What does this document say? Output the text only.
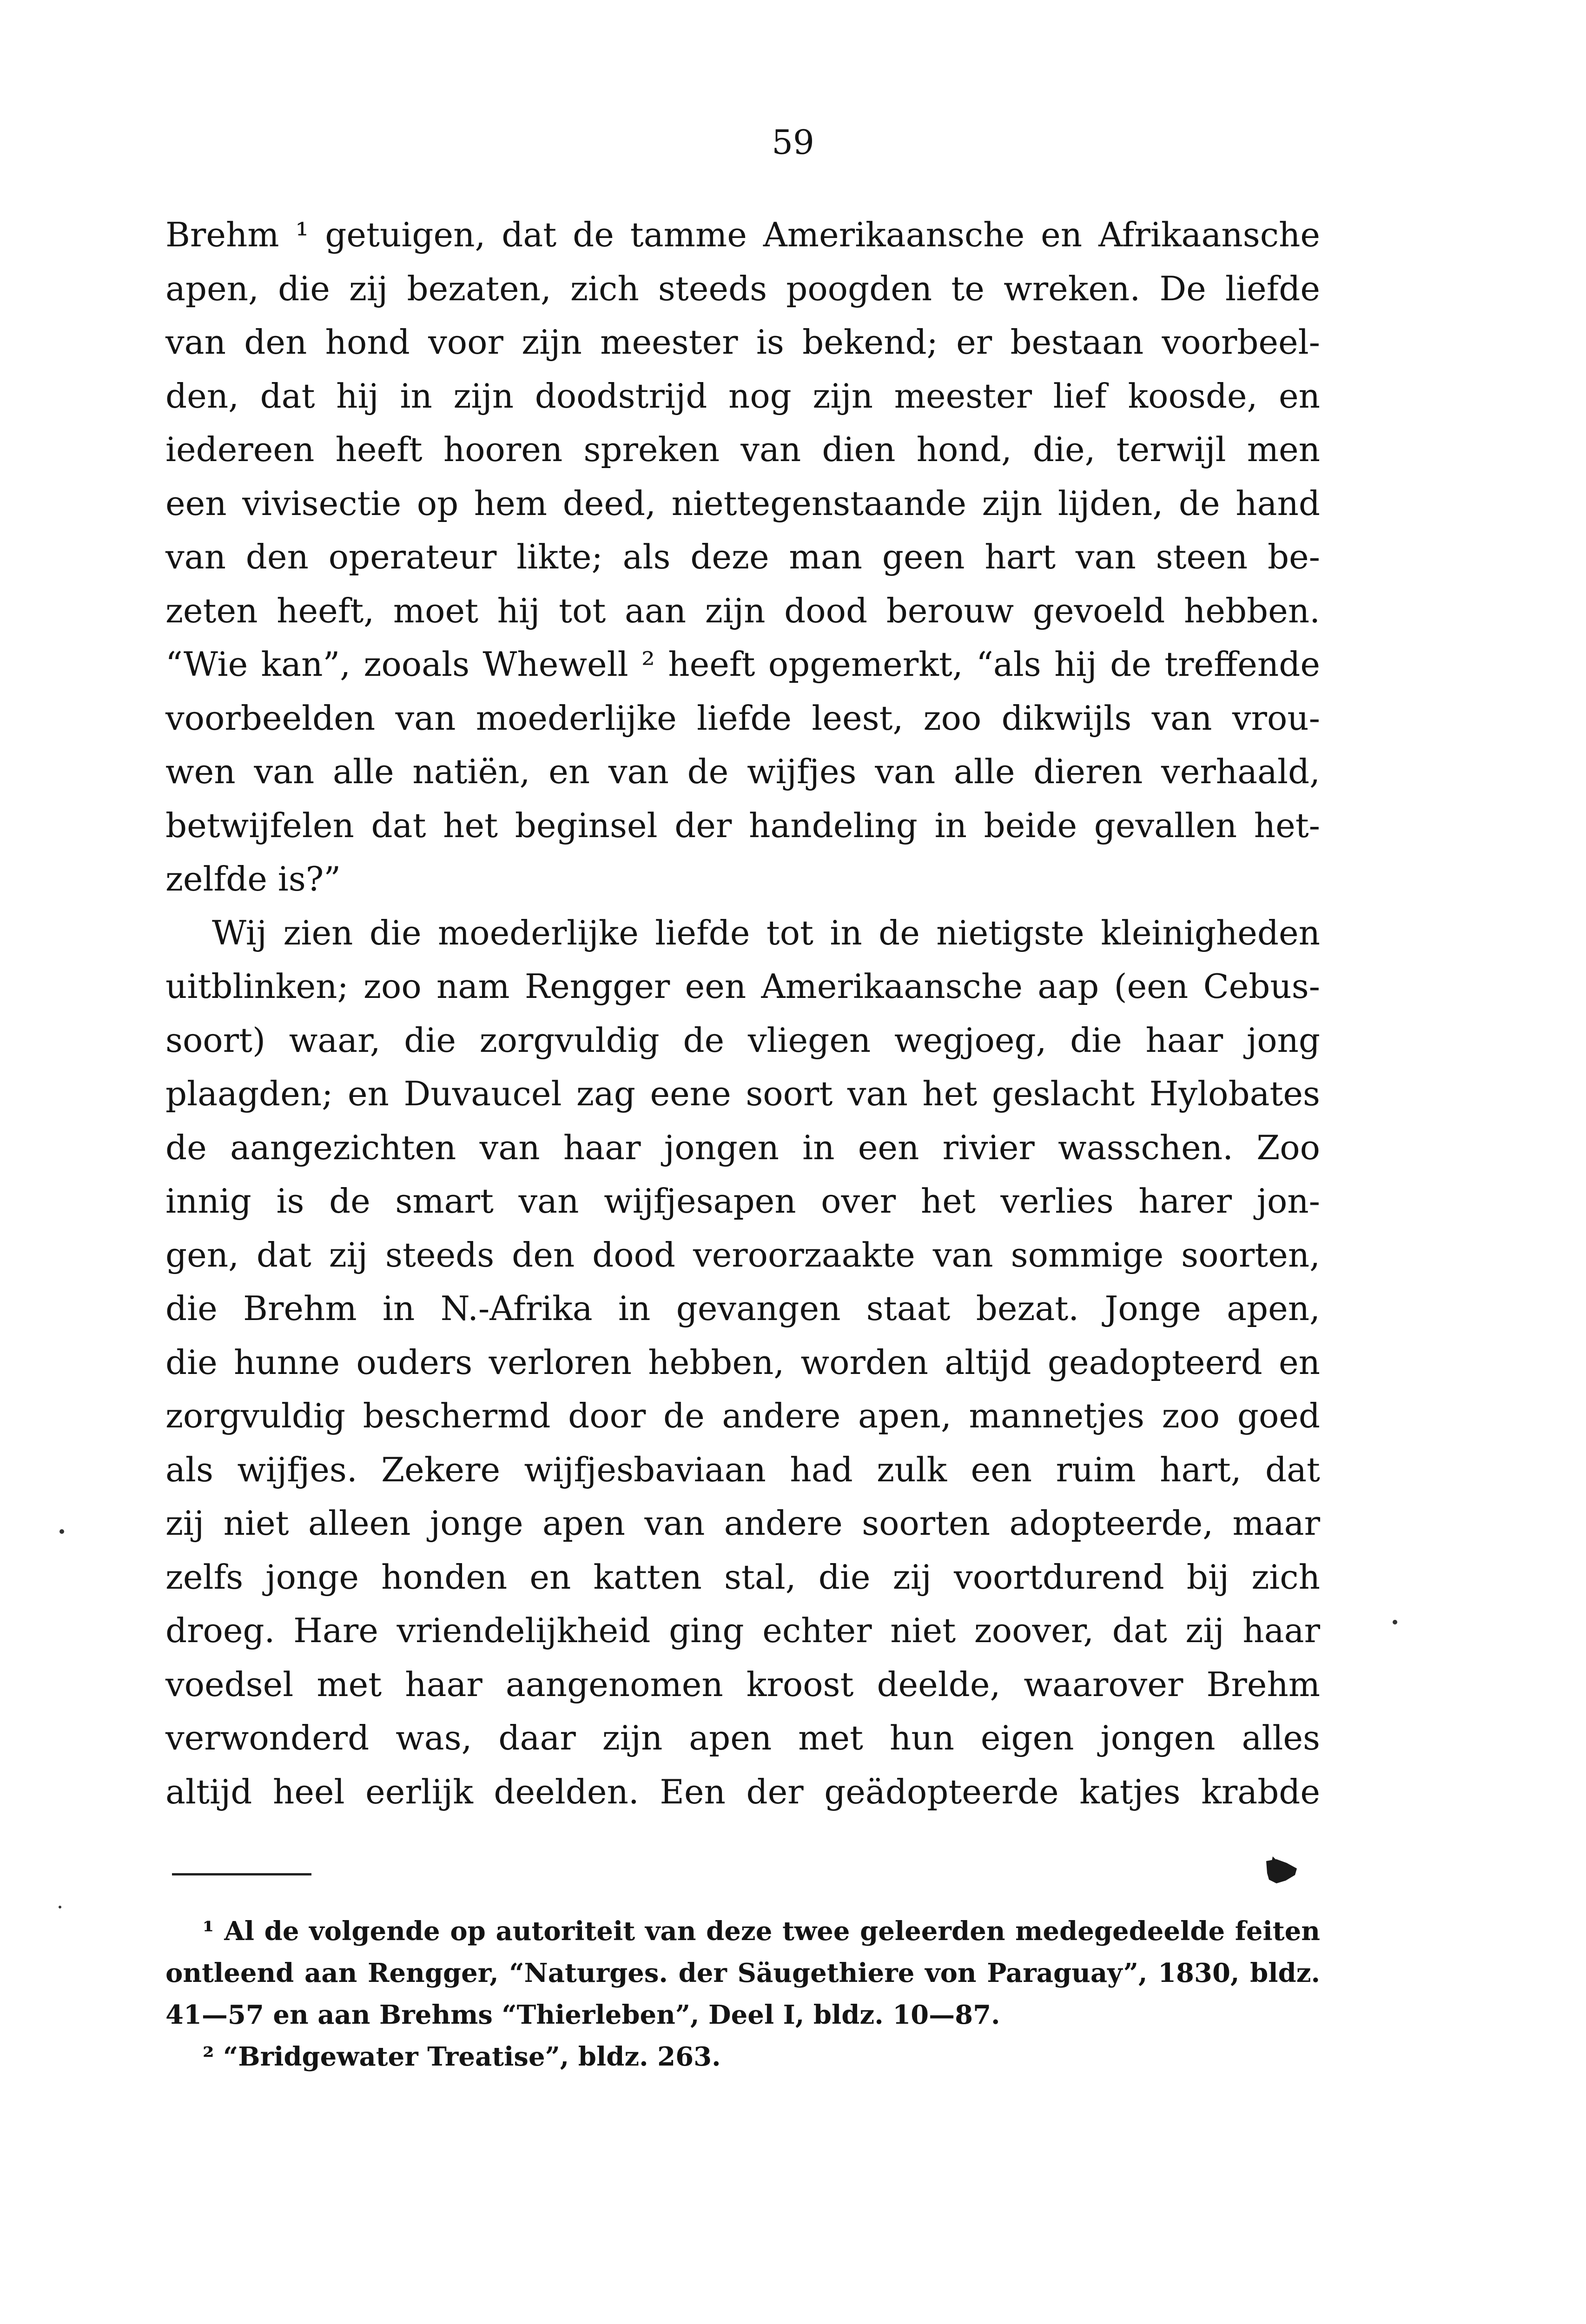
59
Brehm ¹ getuigen, dat de tamme Amerikaansche en Afrikaansche
apen, die zij bezaten, zich steeds poogden te wreken. De liefde
van den hond voor zijn meester is bekend; er bestaan voorbeel-
den, dat hij in zijn doodstrijd nog zijn meester lief koosde, en
iedereen heeft hooren spreken van dien hond, die, terwijl men
een vivisectie op hem deed, niettegenstaande zijn lijden, de hand
van den operateur likte; als deze man geen hart van steen be-
zeten heeft, moet hij tot aan zijn dood berouw gevoeld hebben.
“Wie kan”, zooals Whewell ² heeft opgemerkt, “als hij de treffende
voorbeelden van moederlijke liefde leest, zoo dikwijls van vrou-
wen van alle natiën, en van de wijfjes van alle dieren verhaald,
betwijfelen dat het beginsel der handeling in beide gevallen het-
zelfde is?”
Wij zien die moederlijke liefde tot in de nietigste kleinigheden
uitblinken; zoo nam Rengger een Amerikaansche aap (een Cebus-
soort) waar, die zorgvuldig de vliegen wegjoeg, die haar jong
plaagden; en Duvaucel zag eene soort van het geslacht Hylobates
de aangezichten van haar jongen in een rivier wasschen. Zoo
innig is de smart van wijfjesapen over het verlies harer jon-
gen, dat zij steeds den dood veroorzaakte van sommige soorten,
die Brehm in N.-Afrika in gevangen staat bezat. Jonge apen,
die hunne ouders verloren hebben, worden altijd geadopteerd en
zorgvuldig beschermd door de andere apen, mannetjes zoo goed
als wijfjes. Zekere wijfjesbaviaan had zulk een ruim hart, dat
zij niet alleen jonge apen van andere soorten adopteerde, maar
zelfs jonge honden en katten stal, die zij voortdurend bij zich
droeg. Hare vriendelijkheid ging echter niet zoover, dat zij haar
voedsel met haar aangenomen kroost deelde, waarover Brehm
verwonderd was, daar zijn apen met hun eigen jongen alles
altijd heel eerlijk deelden. Een der geädopteerde katjes krabde
¹ Al de volgende op autoriteit van deze twee geleerden medegedeelde feiten
ontleend aan Rengger, “Naturges. der Säugethiere von Paraguay”, 1830, bldz.
41—57 en aan Brehms “Thierleben”, Deel I, bldz. 10—87.
² “Bridgewater Treatise”, bldz. 263.
